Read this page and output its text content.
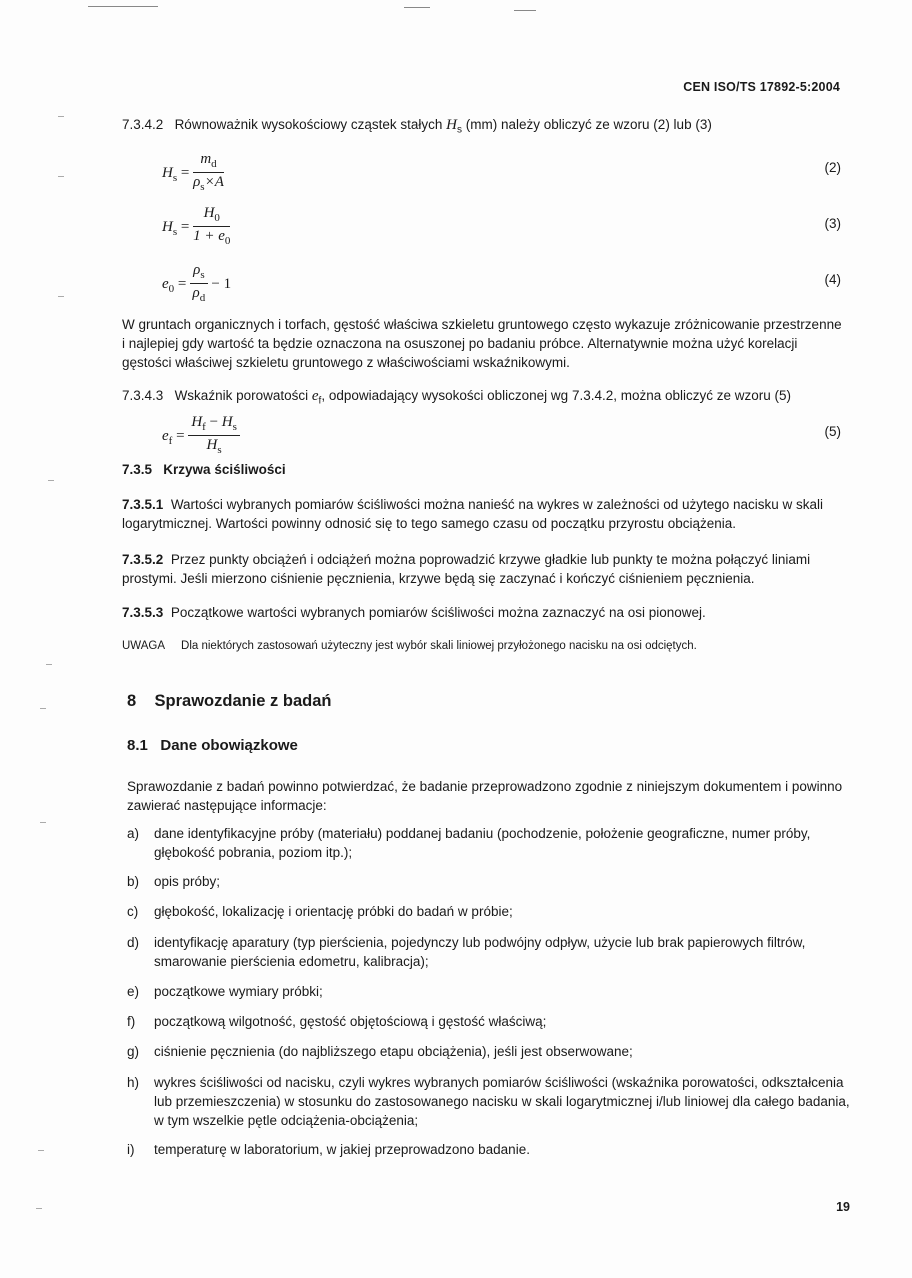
CEN ISO/TS 17892-5:2004
7.3.4.2 Równoważnik wysokościowy cząstek stałych $H_s$ (mm) należy obliczyć ze wzoru (2) lub (3)
$H_s = \frac{m_d}{\rho_s\times A}$	(2)
$H_s = \frac{H_0}{1 + e_0}$	(3)
$e_0 = \frac{\rho_s}{\rho_d} - 1$	(4)
W gruntach organicznych i torfach, gęstość właściwa szkieletu gruntowego często wykazuje zróżnicowanie przestrzenne i najlepiej gdy wartość ta będzie oznaczona na osuszonej po badaniu próbce. Alternatywnie można użyć korelacji gęstości właściwej szkieletu gruntowego z właściwościami wskaźnikowymi.
7.3.4.3 Wskaźnik porowatości $e_f$, odpowiadający wysokości obliczonej wg 7.3.4.2, można obliczyć ze wzoru (5)
$e_f = \frac{H_f - H_s}{H_s}$	(5)
7.3.5 Krzywa ściśliwości
7.3.5.1 Wartości wybranych pomiarów ściśliwości można nanieść na wykres w zależności od użytego nacisku w skali logarytmicznej. Wartości powinny odnosić się to tego samego czasu od początku przyrostu obciążenia.
7.3.5.2 Przez punkty obciążeń i odciążeń można poprowadzić krzywe gładkie lub punkty te można połączyć liniami prostymi. Jeśli mierzono ciśnienie pęcznienia, krzywe będą się zaczynać i kończyć ciśnieniem pęcznienia.
7.3.5.3 Początkowe wartości wybranych pomiarów ściśliwości można zaznaczyć na osi pionowej.
UWAGA Dla niektórych zastosowań użyteczny jest wybór skali liniowej przyłożonego nacisku na osi odciętych.
8 Sprawozdanie z badań
8.1 Dane obowiązkowe
Sprawozdanie z badań powinno potwierdzać, że badanie przeprowadzono zgodnie z niniejszym dokumentem i powinno zawierać następujące informacje:
a) dane identyfikacyjne próby (materiału) poddanej badaniu (pochodzenie, położenie geograficzne, numer próby, głębokość pobrania, poziom itp.);
b) opis próby;
c) głębokość, lokalizację i orientację próbki do badań w próbie;
d) identyfikację aparatury (typ pierścienia, pojedynczy lub podwójny odpływ, użycie lub brak papierowych filtrów, smarowanie pierścienia edometru, kalibracja);
e) początkowe wymiary próbki;
f) początkową wilgotność, gęstość objętościową i gęstość właściwą;
g) ciśnienie pęcznienia (do najbliższego etapu obciążenia), jeśli jest obserwowane;
h) wykres ściśliwości od nacisku, czyli wykres wybranych pomiarów ściśliwości (wskaźnika porowatości, odkształcenia lub przemieszczenia) w stosunku do zastosowanego nacisku w skali logarytmicznej i/lub liniowej dla całego badania, w tym wszelkie pętle odciążenia-obciążenia;
i) temperaturę w laboratorium, w jakiej przeprowadzono badanie.
19
